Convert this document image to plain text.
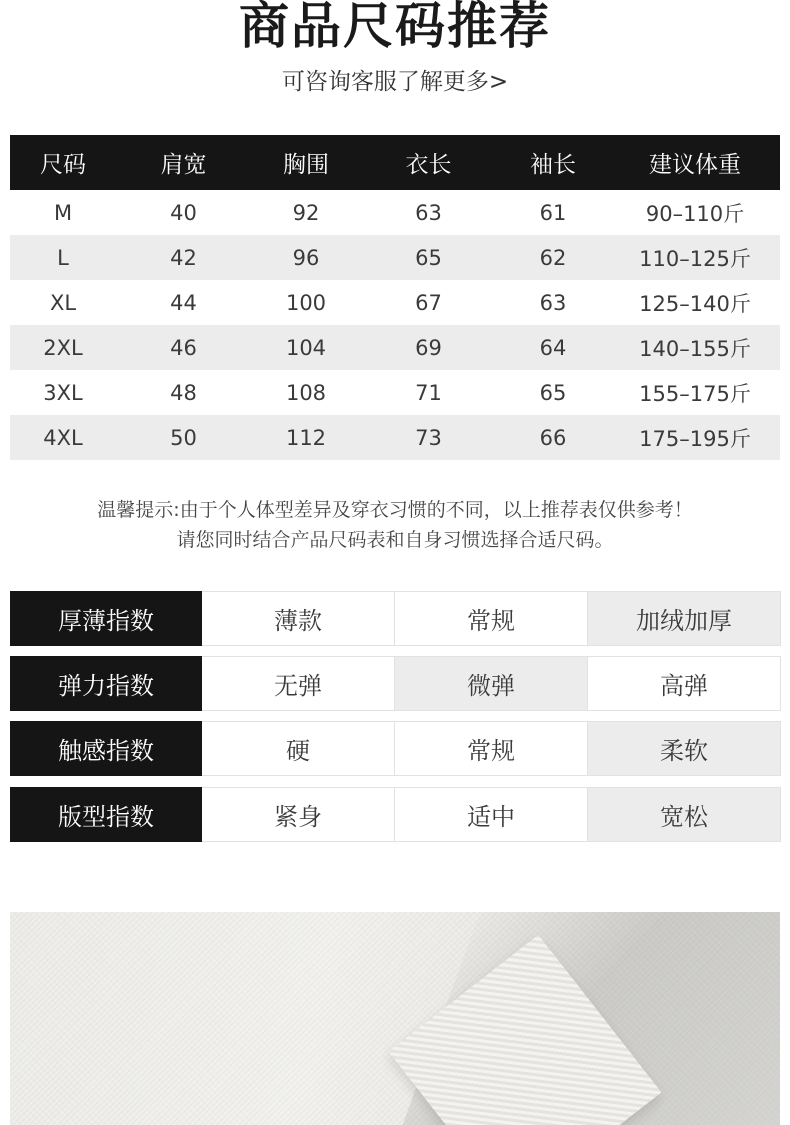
商品尺码推荐
可咨询客服了解更多>
尺码	肩宽	胸围	衣长	袖长	建议体重
M	40	92	63	61	90–110斤
L	42	96	65	62	110–125斤
XL	44	100	67	63	125–140斤
2XL	46	104	69	64	140–155斤
3XL	48	108	71	65	155–175斤
4XL	50	112	73	66	175–195斤
温馨提示:由于个人体型差异及穿衣习惯的不同，以上推荐表仅供参考！
请您同时结合产品尺码表和自身习惯选择合适尺码。
厚薄指数	薄款	常规	加绒加厚
弹力指数	无弹	微弹	高弹
触感指数	硬	常规	柔软
版型指数	紧身	适中	宽松
